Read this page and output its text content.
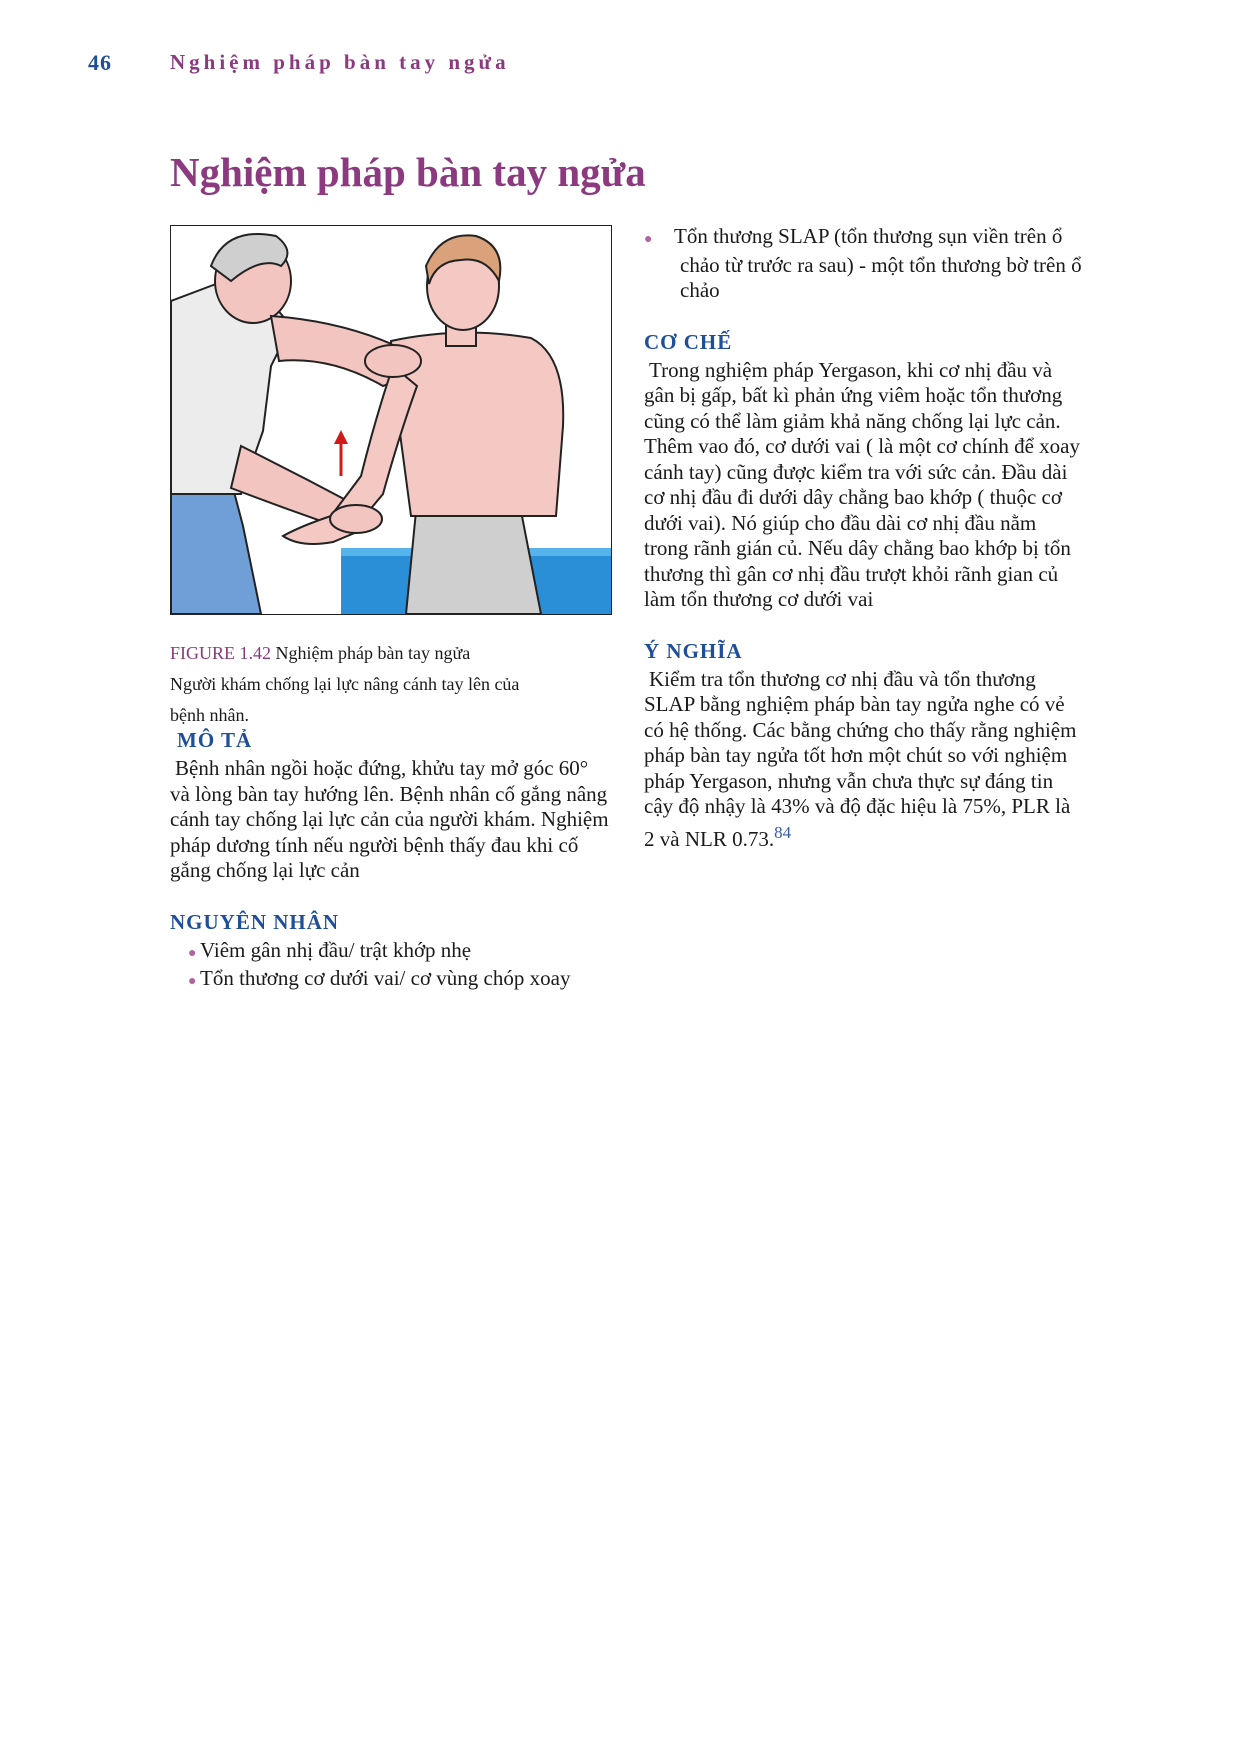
46	Nghiệm pháp bàn tay ngửa
Nghiệm pháp bàn tay ngửa
FIGURE 1.42 Nghiệm pháp bàn tay ngửa
Người khám chống lại lực nâng cánh tay lên của
bệnh nhân.
MÔ TẢ

Bệnh nhân ngồi hoặc đứng, khửu tay mở góc 60° và lòng bàn tay hướng lên. Bệnh nhân cố gắng nâng cánh tay chống lại lực cản của người khám. Nghiệm pháp dương tính nếu người bệnh thấy đau khi cố gắng chống lại lực cản

NGUYÊN NHÂN
● Viêm gân nhị đầu/ trật khớp nhẹ
● Tổn thương cơ dưới vai/ cơ vùng chóp xoay
● Tổn thương SLAP (tổn thương sụn viền trên ổ chảo từ trước ra sau) - một tổn thương bờ trên ổ chảo
CƠ CHẾ

Trong nghiệm pháp Yergason, khi cơ nhị đầu và gân bị gấp, bất kì phản ứng viêm hoặc tổn thương cũng có thể làm giảm khả năng chống lại lực cản. Thêm vao đó, cơ dưới vai ( là một cơ chính để xoay cánh tay) cũng được kiểm tra với sức cản. Đầu dài cơ nhị đầu đi dưới dây chằng bao khớp ( thuộc cơ dưới vai). Nó giúp cho đầu dài cơ nhị đầu nằm trong rãnh gián củ. Nếu dây chằng bao khớp bị tổn thương thì gân cơ nhị đầu trượt khỏi rãnh gian củ làm tổn thương cơ dưới vai

Ý NGHĨA

Kiểm tra tổn thương cơ nhị đầu và tổn thương SLAP bằng nghiệm pháp bàn tay ngửa nghe có vẻ có hệ thống. Các bằng chứng cho thấy rằng nghiệm pháp bàn tay ngửa tốt hơn một chút so với nghiệm pháp Yergason, nhưng vẫn chưa thực sự đáng tin cậy độ nhậy là 43% và độ đặc hiệu là 75%, PLR là 2 và NLR 0.73.84
